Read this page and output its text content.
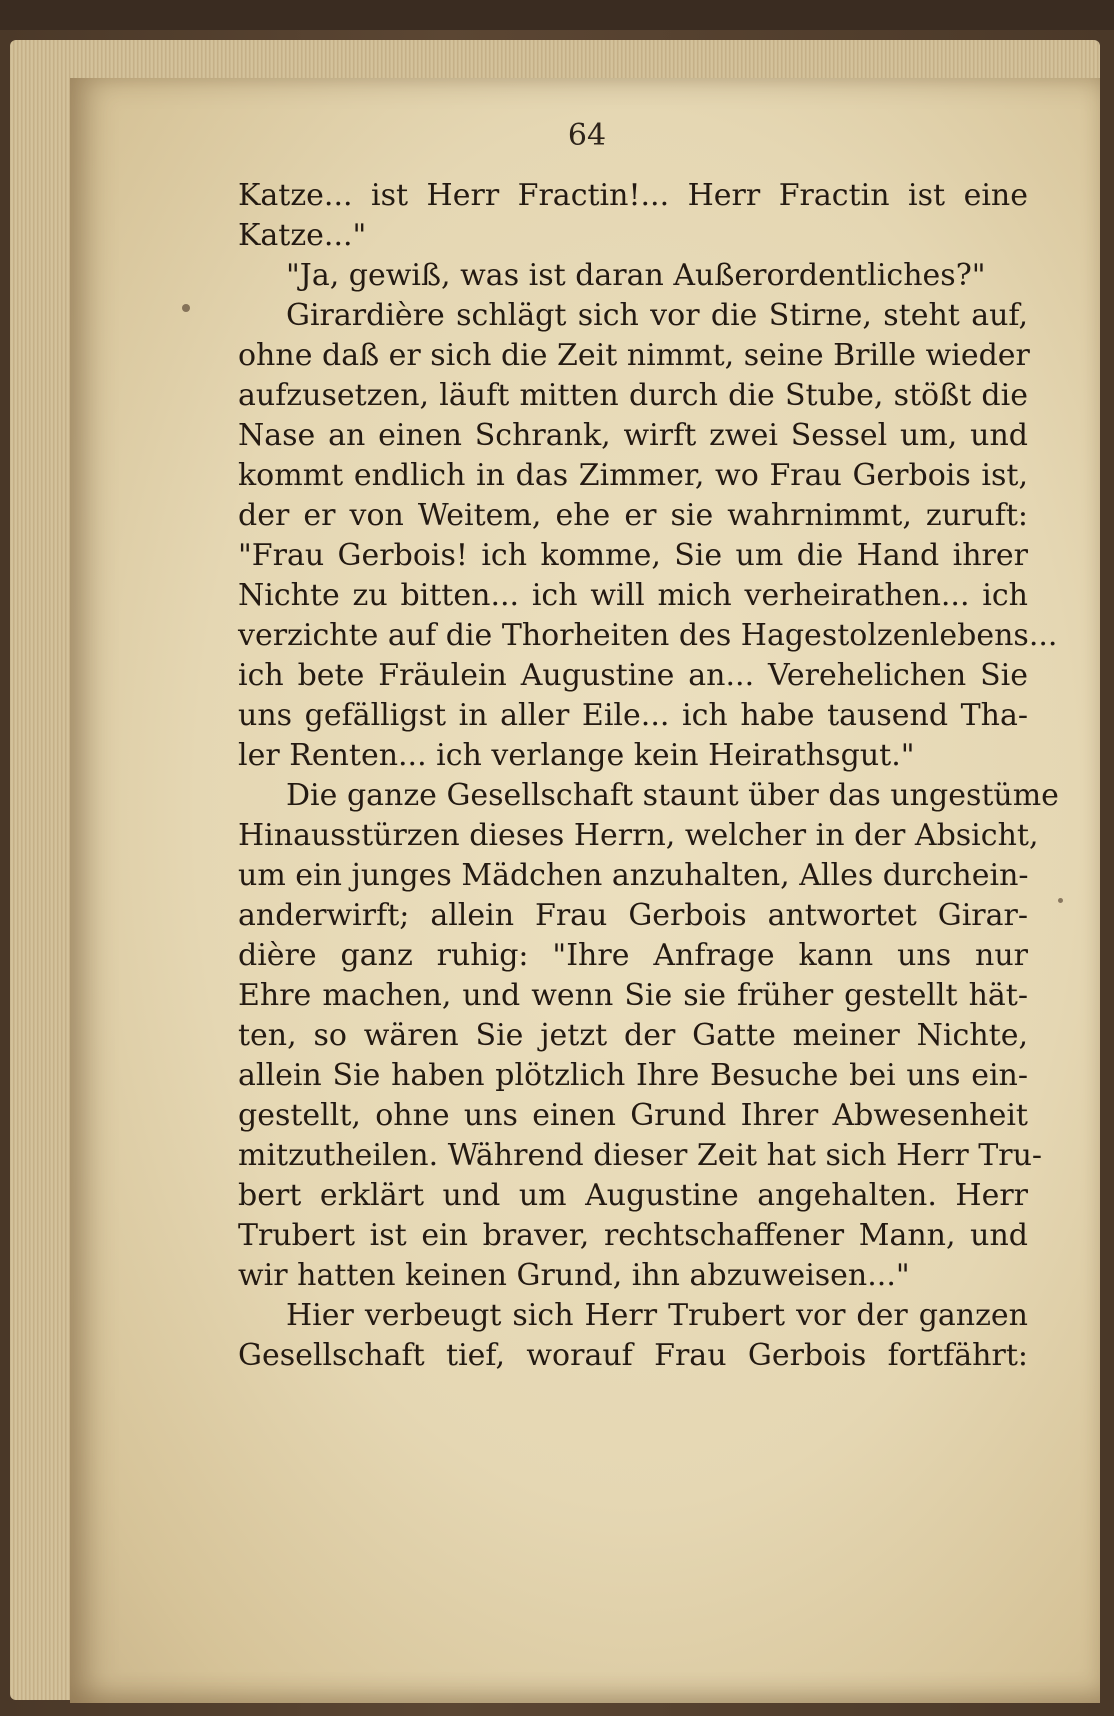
64
Katze... ist Herr Fractin!... Herr Fractin ist eine
Katze..."
"Ja, gewiß, was ist daran Außerordentliches?"
Girardière schlägt sich vor die Stirne, steht auf,
ohne daß er sich die Zeit nimmt, seine Brille wieder
aufzusetzen, läuft mitten durch die Stube, stößt die
Nase an einen Schrank, wirft zwei Sessel um, und
kommt endlich in das Zimmer, wo Frau Gerbois ist,
der er von Weitem, ehe er sie wahrnimmt, zuruft:
"Frau Gerbois! ich komme, Sie um die Hand ihrer
Nichte zu bitten... ich will mich verheirathen... ich
verzichte auf die Thorheiten des Hagestolzenlebens...
ich bete Fräulein Augustine an... Verehelichen Sie
uns gefälligst in aller Eile... ich habe tausend Tha-
ler Renten... ich verlange kein Heirathsgut."
Die ganze Gesellschaft staunt über das ungestüme
Hinausstürzen dieses Herrn, welcher in der Absicht,
um ein junges Mädchen anzuhalten, Alles durchein-
anderwirft; allein Frau Gerbois antwortet Girar-
dière ganz ruhig: "Ihre Anfrage kann uns nur
Ehre machen, und wenn Sie sie früher gestellt hät-
ten, so wären Sie jetzt der Gatte meiner Nichte,
allein Sie haben plötzlich Ihre Besuche bei uns ein-
gestellt, ohne uns einen Grund Ihrer Abwesenheit
mitzutheilen. Während dieser Zeit hat sich Herr Tru-
bert erklärt und um Augustine angehalten. Herr
Trubert ist ein braver, rechtschaffener Mann, und
wir hatten keinen Grund, ihn abzuweisen..."
Hier verbeugt sich Herr Trubert vor der ganzen
Gesellschaft tief, worauf Frau Gerbois fortfährt:
